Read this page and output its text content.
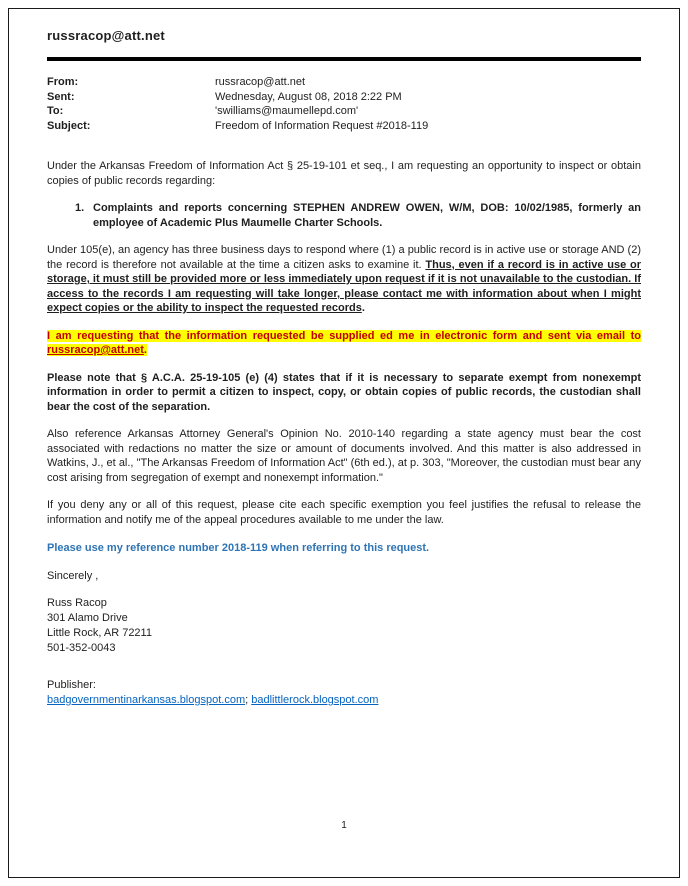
russracop@att.net
From:	russracop@att.net
Sent:	Wednesday, August 08, 2018 2:22 PM
To:	'swilliams@maumellepd.com'
Subject:	Freedom of Information Request #2018-119

Under the Arkansas Freedom of Information Act § 25-19-101 et seq., I am requesting an opportunity to inspect or obtain copies of public records regarding:

1. Complaints and reports concerning STEPHEN ANDREW OWEN, W/M, DOB: 10/02/1985, formerly an employee of Academic Plus Maumelle Charter Schools.

Under 105(e), an agency has three business days to respond where (1) a public record is in active use or storage AND (2) the record is therefore not available at the time a citizen asks to examine it. Thus, even if a record is in active use or storage, it must still be provided more or less immediately upon request if it is not unavailable to the custodian. If access to the records I am requesting will take longer, please contact me with information about when I might expect copies or the ability to inspect the requested records.

I am requesting that the information requested be supplied ed me in electronic form and sent via email to russracop@att.net.

Please note that § A.C.A. 25-19-105 (e) (4) states that if it is necessary to separate exempt from nonexempt information in order to permit a citizen to inspect, copy, or obtain copies of public records, the custodian shall bear the cost of the separation.

Also reference Arkansas Attorney General's Opinion No. 2010-140 regarding a state agency must bear the cost associated with redactions no matter the size or amount of documents involved. And this matter is also addressed in Watkins, J., et al., "The Arkansas Freedom of Information Act" (6th ed.), at p. 303, "Moreover, the custodian must bear any cost arising from segregation of exempt and nonexempt information."

If you deny any or all of this request, please cite each specific exemption you feel justifies the refusal to release the information and notify me of the appeal procedures available to me under the law.

Please use my reference number 2018-119 when referring to this request.

Sincerely ,

Russ Racop
301 Alamo Drive
Little Rock, AR 72211
501-352-0043
Publisher:
badgovernmentinarkansas.blogspot.com; badlittlerock.blogspot.com
1
